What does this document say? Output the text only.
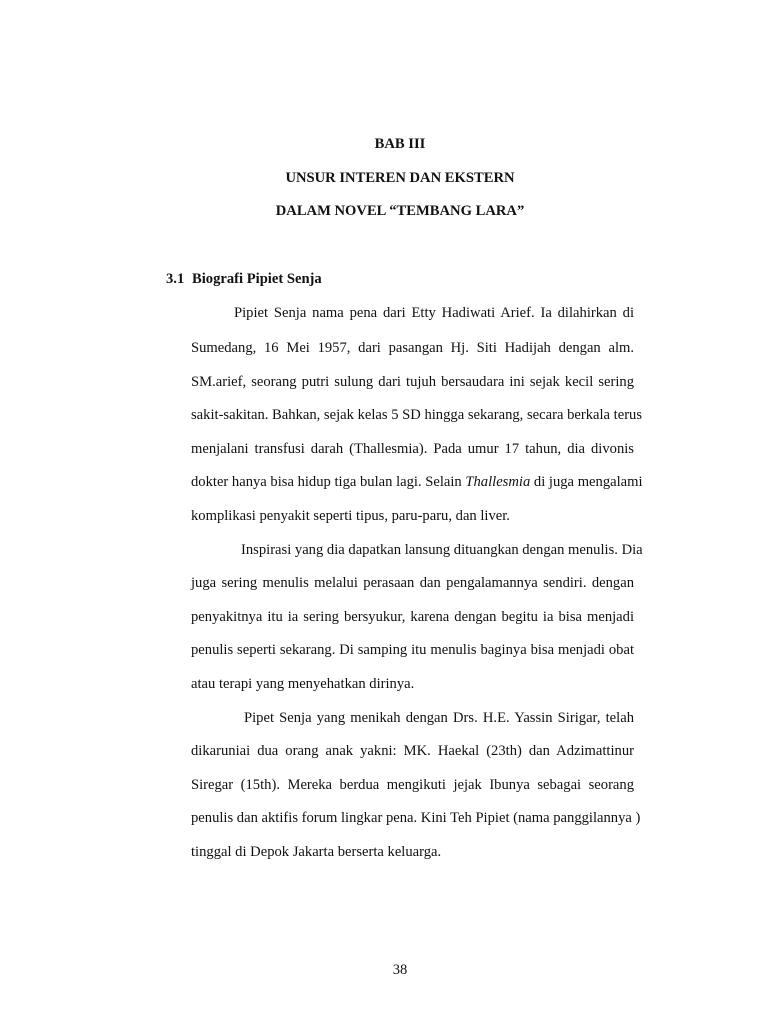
BAB III
UNSUR INTEREN DAN EKSTERN
DALAM NOVEL “TEMBANG LARA”
3.1 Biografi Pipiet Senja
Pipiet Senja nama pena dari Etty Hadiwati Arief. Ia dilahirkan di
Sumedang, 16 Mei 1957, dari pasangan Hj. Siti Hadijah dengan alm.
SM.arief, seorang putri sulung dari tujuh bersaudara ini sejak kecil sering
sakit-sakitan. Bahkan, sejak kelas 5 SD hingga sekarang, secara berkala terus
menjalani transfusi darah (Thallesmia). Pada umur 17 tahun, dia divonis
dokter hanya bisa hidup tiga bulan lagi. Selain Thallesmia di juga mengalami
komplikasi penyakit seperti tipus, paru-paru, dan liver.
Inspirasi yang dia dapatkan lansung dituangkan dengan menulis. Dia
juga sering menulis melalui perasaan dan pengalamannya sendiri. dengan
penyakitnya itu ia sering bersyukur, karena dengan begitu ia bisa menjadi
penulis seperti sekarang. Di samping itu menulis baginya bisa menjadi obat
atau terapi yang menyehatkan dirinya.
Pipet Senja yang menikah dengan Drs. H.E. Yassin Sirigar, telah
dikaruniai dua orang anak yakni: MK. Haekal (23th) dan Adzimattinur
Siregar (15th). Mereka berdua mengikuti jejak Ibunya sebagai seorang
penulis dan aktifis forum lingkar pena. Kini Teh Pipiet (nama panggilannya )
tinggal di Depok Jakarta berserta keluarga.
38
